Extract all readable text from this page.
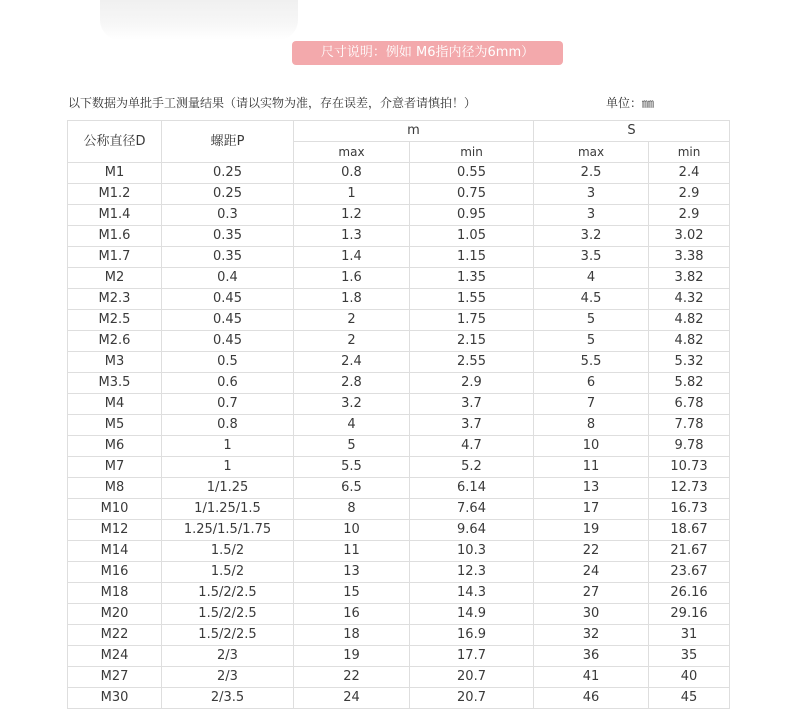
尺寸说明：例如 M6指内径为6mm）
以下数据为单批手工测量结果（请以实物为准，存在误差，介意者请慎拍！）	单位：㎜
公称直径D	螺距P	m		S	
		max	min	max	min
M1	0.25	0.8	0.55	2.5	2.4
M1.2	0.25	1	0.75	3	2.9
M1.4	0.3	1.2	0.95	3	2.9
M1.6	0.35	1.3	1.05	3.2	3.02
M1.7	0.35	1.4	1.15	3.5	3.38
M2	0.4	1.6	1.35	4	3.82
M2.3	0.45	1.8	1.55	4.5	4.32
M2.5	0.45	2	1.75	5	4.82
M2.6	0.45	2	2.15	5	4.82
M3	0.5	2.4	2.55	5.5	5.32
M3.5	0.6	2.8	2.9	6	5.82
M4	0.7	3.2	3.7	7	6.78
M5	0.8	4	3.7	8	7.78
M6	1	5	4.7	10	9.78
M7	1	5.5	5.2	11	10.73
M8	1/1.25	6.5	6.14	13	12.73
M10	1/1.25/1.5	8	7.64	17	16.73
M12	1.25/1.5/1.75	10	9.64	19	18.67
M14	1.5/2	11	10.3	22	21.67
M16	1.5/2	13	12.3	24	23.67
M18	1.5/2/2.5	15	14.3	27	26.16
M20	1.5/2/2.5	16	14.9	30	29.16
M22	1.5/2/2.5	18	16.9	32	31
M24	2/3	19	17.7	36	35
M27	2/3	22	20.7	41	40
M30	2/3.5	24	20.7	46	45
